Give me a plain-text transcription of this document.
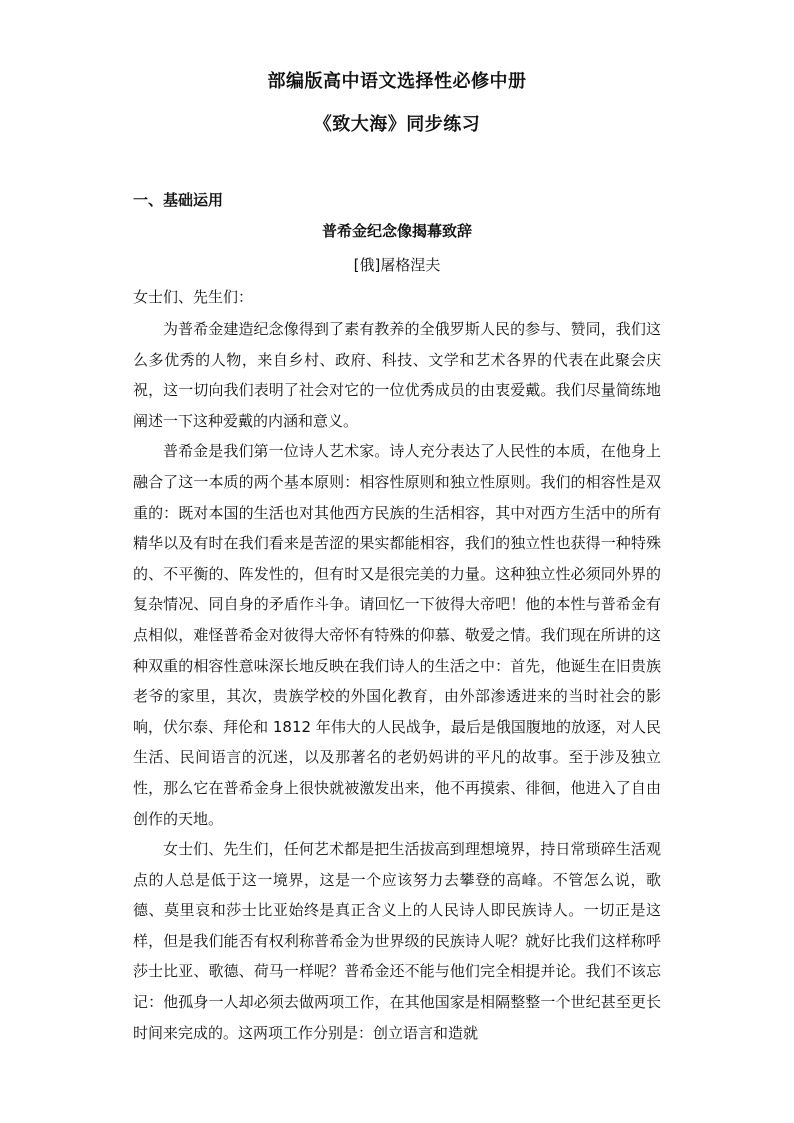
部编版高中语文选择性必修中册
《致大海》同步练习
一、基础运用
普希金纪念像揭幕致辞
[俄]屠格涅夫
女士们、先生们：

为普希金建造纪念像得到了素有教养的全俄罗斯人民的参与、赞同，我们这么多优秀的人物，来自乡村、政府、科技、文学和艺术各界的代表在此聚会庆祝，这一切向我们表明了社会对它的一位优秀成员的由衷爱戴。我们尽量简练地阐述一下这种爱戴的内涵和意义。

普希金是我们第一位诗人艺术家。诗人充分表达了人民性的本质，在他身上融合了这一本质的两个基本原则：相容性原则和独立性原则。我们的相容性是双重的：既对本国的生活也对其他西方民族的生活相容，其中对西方生活中的所有精华以及有时在我们看来是苦涩的果实都能相容，我们的独立性也获得一种特殊的、不平衡的、阵发性的，但有时又是很完美的力量。这种独立性必须同外界的复杂情况、同自身的矛盾作斗争。请回忆一下彼得大帝吧！他的本性与普希金有点相似，难怪普希金对彼得大帝怀有特殊的仰慕、敬爱之情。我们现在所讲的这种双重的相容性意味深长地反映在我们诗人的生活之中：首先，他诞生在旧贵族老爷的家里，其次，贵族学校的外国化教育，由外部渗透进来的当时社会的影响，伏尔泰、拜伦和 1812 年伟大的人民战争，最后是俄国腹地的放逐，对人民生活、民间语言的沉迷，以及那著名的老奶妈讲的平凡的故事。至于涉及独立性，那么它在普希金身上很快就被激发出来，他不再摸索、徘徊，他进入了自由创作的天地。

女士们、先生们，任何艺术都是把生活拔高到理想境界，持日常琐碎生活观点的人总是低于这一境界，这是一个应该努力去攀登的高峰。不管怎么说，歌德、莫里哀和莎士比亚始终是真正含义上的人民诗人即民族诗人。一切正是这样，但是我们能否有权利称普希金为世界级的民族诗人呢？就好比我们这样称呼莎士比亚、歌德、荷马一样呢？普希金还不能与他们完全相提并论。我们不该忘记：他孤身一人却必须去做两项工作，在其他国家是相隔整整一个世纪甚至更长时间来完成的。这两项工作分别是：创立语言和造就
